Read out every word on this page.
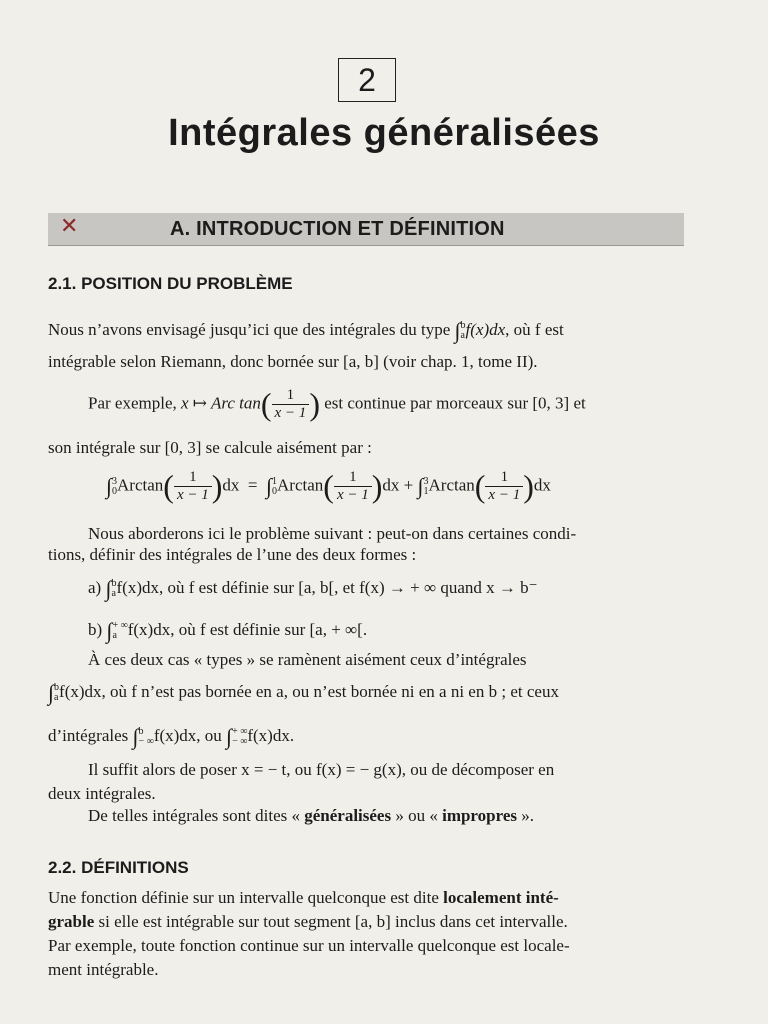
2
Intégrales généralisées
✕	A. INTRODUCTION ET DÉFINITION
2.1. POSITION DU PROBLÈME
Nous n’avons envisagé jusqu’ici que des intégrales du type ∫b
af(x)dx, où f est
intégrable selon Riemann, donc bornée sur [a, b] (voir chap. 1, tome II).
Par exemple, x ↦ Arc $\tan( \frac{1}{x - 1}$ ) est continue par morceaux sur [0, 3] et
son intégrale sur [0, 3] se calcule aisément par :
∫3
$0Arctan( \frac{1}{x - 1} )dx = \int 1$
$0Arctan( \frac{1}{x - 1} )dx + \int 3$
$1Arctan( \frac{1}{x - 1} )dx$
Nous aborderons ici le problème suivant : peut-on dans certaines condi-
tions, définir des intégrales de l’une des deux formes :
a) ∫b
af(x)dx, où f est définie sur [a, b[, et f(x) → + ∞ quand x → b⁻
b) ∫+ ∞
a f(x)dx, où f est définie sur [a, + ∞[.
À ces deux cas « types » se ramènent aisément ceux d’intégrales
∫b
af(x)dx, où f n’est pas bornée en a, ou n’est bornée ni en a ni en b ; et ceux
d’intégrales ∫b
− ∞f(x)dx, ou ∫+ ∞
− ∞f(x)dx.
Il suffit alors de poser x = − t, ou f(x) = − g(x), ou de décomposer en
deux intégrales.
De telles intégrales sont dites « généralisées » ou « impropres ».
2.2. DÉFINITIONS
Une fonction définie sur un intervalle quelconque est dite localement inté-
grable si elle est intégrable sur tout segment [a, b] inclus dans cet intervalle.
Par exemple, toute fonction continue sur un intervalle quelconque est locale-
ment intégrable.
